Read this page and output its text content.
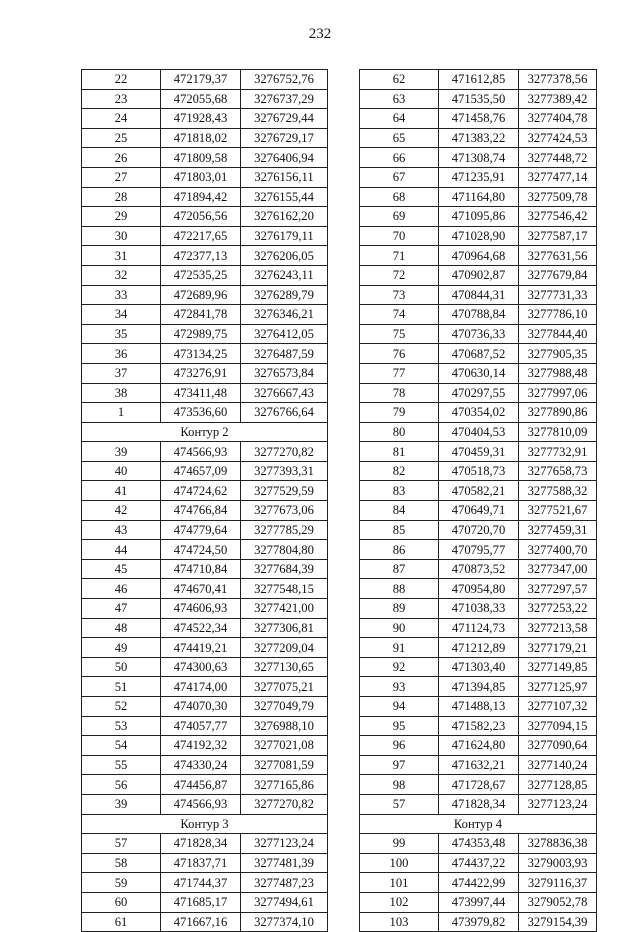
232
22	472179,37	3276752,76
23	472055,68	3276737,29
24	471928,43	3276729,44
25	471818,02	3276729,17
26	471809,58	3276406,94
27	471803,01	3276156,11
28	471894,42	3276155,44
29	472056,56	3276162,20
30	472217,65	3276179,11
31	472377,13	3276206,05
32	472535,25	3276243,11
33	472689,96	3276289,79
34	472841,78	3276346,21
35	472989,75	3276412,05
36	473134,25	3276487,59
37	473276,91	3276573,84
38	473411,48	3276667,43
1	473536,60	3276766,64
Контур 2		
39	474566,93	3277270,82
40	474657,09	3277393,31
41	474724,62	3277529,59
42	474766,84	3277673,06
43	474779,64	3277785,29
44	474724,50	3277804,80
45	474710,84	3277684,39
46	474670,41	3277548,15
47	474606,93	3277421,00
48	474522,34	3277306,81
49	474419,21	3277209,04
50	474300,63	3277130,65
51	474174,00	3277075,21
52	474070,30	3277049,79
53	474057,77	3276988,10
54	474192,32	3277021,08
55	474330,24	3277081,59
56	474456,87	3277165,86
39	474566,93	3277270,82
Контур 3		
57	471828,34	3277123,24
58	471837,71	3277481,39
59	471744,37	3277487,23
60	471685,17	3277494,61
61	471667,16	3277374,10
62	471612,85	3277378,56
63	471535,50	3277389,42
64	471458,76	3277404,78
65	471383,22	3277424,53
66	471308,74	3277448,72
67	471235,91	3277477,14
68	471164,80	3277509,78
69	471095,86	3277546,42
70	471028,90	3277587,17
71	470964,68	3277631,56
72	470902,87	3277679,84
73	470844,31	3277731,33
74	470788,84	3277786,10
75	470736,33	3277844,40
76	470687,52	3277905,35
77	470630,14	3277988,48
78	470297,55	3277997,06
79	470354,02	3277890,86
80	470404,53	3277810,09
81	470459,31	3277732,91
82	470518,73	3277658,73
83	470582,21	3277588,32
84	470649,71	3277521,67
85	470720,70	3277459,31
86	470795,77	3277400,70
87	470873,52	3277347,00
88	470954,80	3277297,57
89	471038,33	3277253,22
90	471124,73	3277213,58
91	471212,89	3277179,21
92	471303,40	3277149,85
93	471394,85	3277125,97
94	471488,13	3277107,32
95	471582,23	3277094,15
96	471624,80	3277090,64
97	471632,21	3277140,24
98	471728,67	3277128,85
57	471828,34	3277123,24
Контур 4		
99	474353,48	3278836,38
100	474437,22	3279003,93
101	474422,99	3279116,37
102	473997,44	3279052,78
103	473979,82	3279154,39
